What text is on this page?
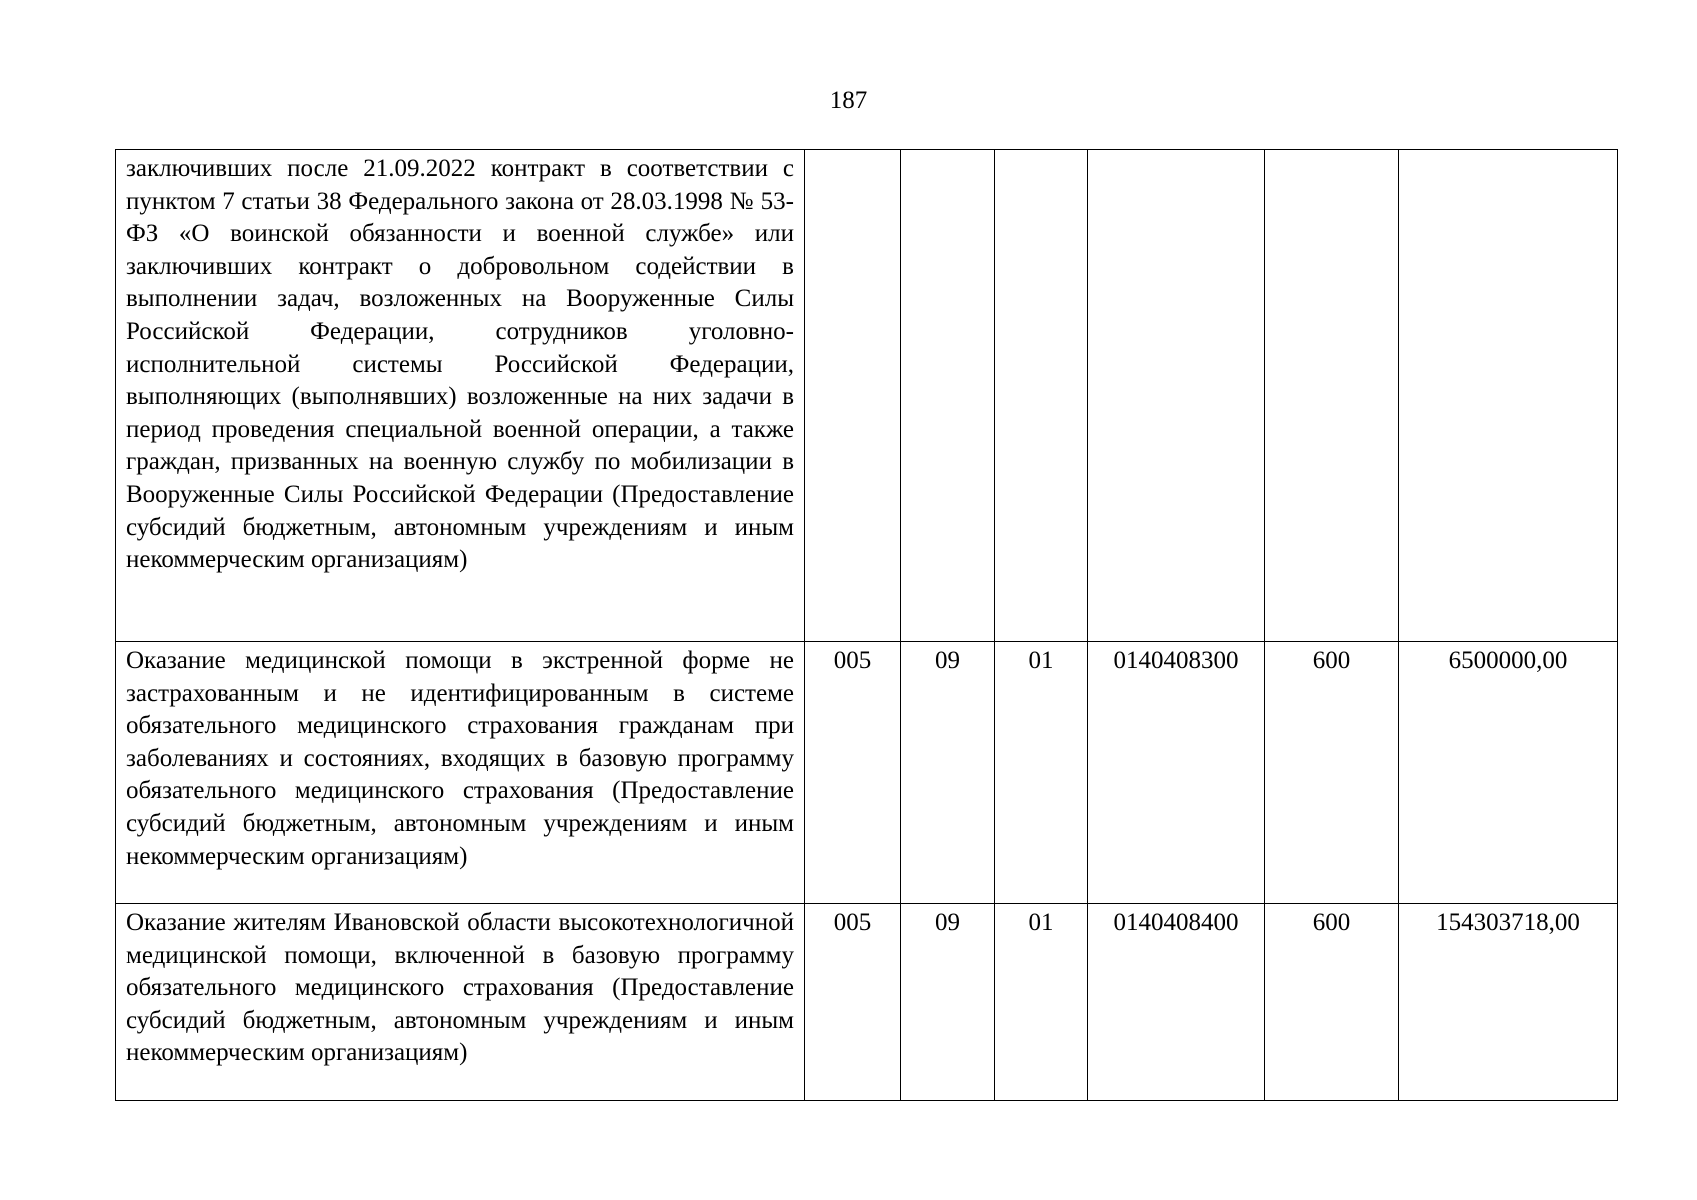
187
заключивших после 21.09.2022 контракт в соответствии с пунктом 7 статьи 38 Федерального закона от 28.03.1998 № 53-ФЗ «О воинской обязанности и военной службе» или заключивших контракт о добровольном содействии в выполнении задач, возложенных на Вооруженные Силы Российской Федерации, сотрудников уголовно-исполнительной системы Российской Федерации, выполняющих (выполнявших) возложенные на них задачи в период проведения специальной военной операции, а также граждан, призванных на военную службу по мобилизации в Вооруженные Силы Российской Федерации (Предоставление субсидий бюджетным, автономным учреждениям и иным некоммерческим организациям)						
Оказание медицинской помощи в экстренной форме не застрахованным и не идентифицированным в системе обязательного медицинского страхования гражданам при заболеваниях и состояниях, входящих в базовую программу обязательного медицинского страхования (Предоставление субсидий бюджетным, автономным учреждениям и иным некоммерческим организациям)	005	09	01	0140408300	600	6500000,00
Оказание жителям Ивановской области высокотехнологичной медицинской помощи, включенной в базовую программу обязательного медицинского страхования (Предоставление субсидий бюджетным, автономным учреждениям и иным некоммерческим организациям)	005	09	01	0140408400	600	154303718,00
